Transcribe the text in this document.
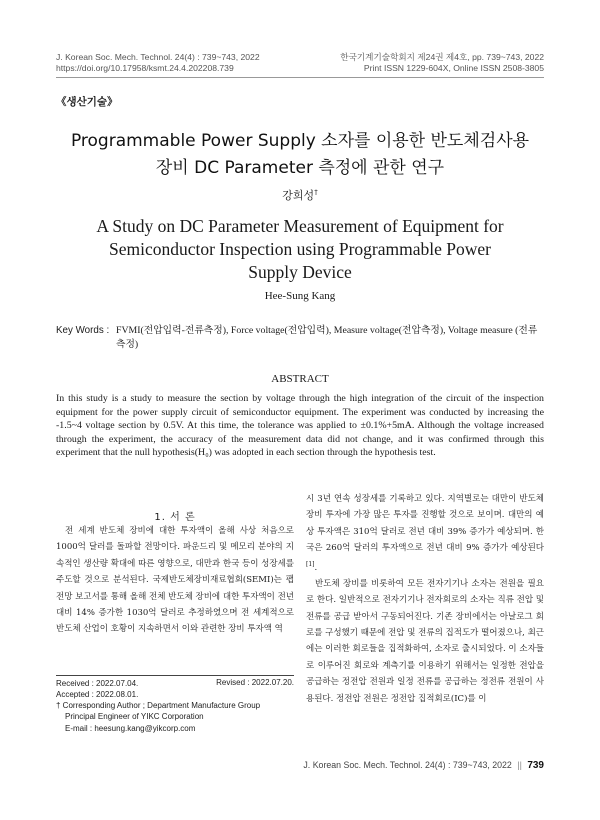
J. Korean Soc. Mech. Technol. 24(4) : 739~743, 2022
https://doi.org/10.17958/ksmt.24.4.202208.739
한국기계기술학회지 제24권 제4호, pp. 739~743, 2022
Print ISSN 1229-604X, Online ISSN 2508-3805
《생산기술》
Programmable Power Supply 소자를 이용한 반도체검사용
장비 DC Parameter 측정에 관한 연구
강희성†
A Study on DC Parameter Measurement of Equipment for
Semiconductor Inspection using Programmable Power
Supply Device
Hee-Sung Kang
Key Words : FVMI(전압입력-전류측정), Force voltage(전압입력), Measure voltage(전압측정), Voltage measure (전류측정)
ABSTRACT
In this study is a study to measure the section by voltage through the high integration of the circuit of the inspection equipment for the power supply circuit of semiconductor equipment. The experiment was conducted by increasing the -1.5~4 voltage section by 0.5V. At this time, the tolerance was applied to ±0.1%+5mA. Although the voltage increased through the experiment, the accuracy of the measurement data did not change, and it was confirmed through this experiment that the null hypothesis(H₀) was adopted in each section through the hypothesis test.
1. 서 론

전 세계 반도체 장비에 대한 투자액이 올해 사상 처음으로 1000억 달러를 돌파할 전망이다. 파운드리 및 메모리 분야의 지속적인 생산량 확대에 따른 영향으로, 대만과 한국 등이 성장세를 주도할 것으로 분석된다. 국제반도체장비재료협회(SEMI)는 팹 전망 보고서를 통해 올해 전체 반도체 장비에 대한 투자액이 전년 대비 14% 증가한 1030억 달러로 추정하였으며 전 세계적으로 반도체 산업이 호황이 지속하면서 이와 관련한 장비 투자액 역

시 3년 연속 성장세를 기록하고 있다. 지역별로는 대만이 반도체 장비 투자에 가장 많은 투자를 진행할 것으로 보이며. 대만의 예상 투자액은 310억 달러로 전년 대비 39% 증가가 예상되며. 한국은 260억 달러의 투자액으로 전년 대비 9% 증가가 예상된다[1].

반도체 장비를 비롯하여 모든 전자기기나 소자는 전원을 필요로 한다. 일반적으로 전자기기나 전자회로의 소자는 직류 전압 및 전류를 공급 받아서 구동되어진다. 기존 장비에서는 아날로그 회로를 구성했기 때문에 전압 및 전류의 집적도가 떨어졌으나, 최근에는 이러한 회로들을 집적화하여, 소자로 출시되었다. 이 소자들로 이루어진 회로와 계측기를 이용하기 위해서는 일정한 전압을 공급하는 정전압 전원과 일정 전류를 공급하는 정전류 전원이 사용된다. 정전압 전원은 정전압 집적회로(IC)를 이

Received : 2022.07.04.	Revised : 2022.07.20.
Accepted : 2022.08.01.
† Corresponding Author ; Department Manufacture Group
Principal Engineer of YIKC Corporation
E-mail : heesung.kang@yikcorp.com
J. Korean Soc. Mech. Technol. 24(4) : 739~743, 2022 || 739
